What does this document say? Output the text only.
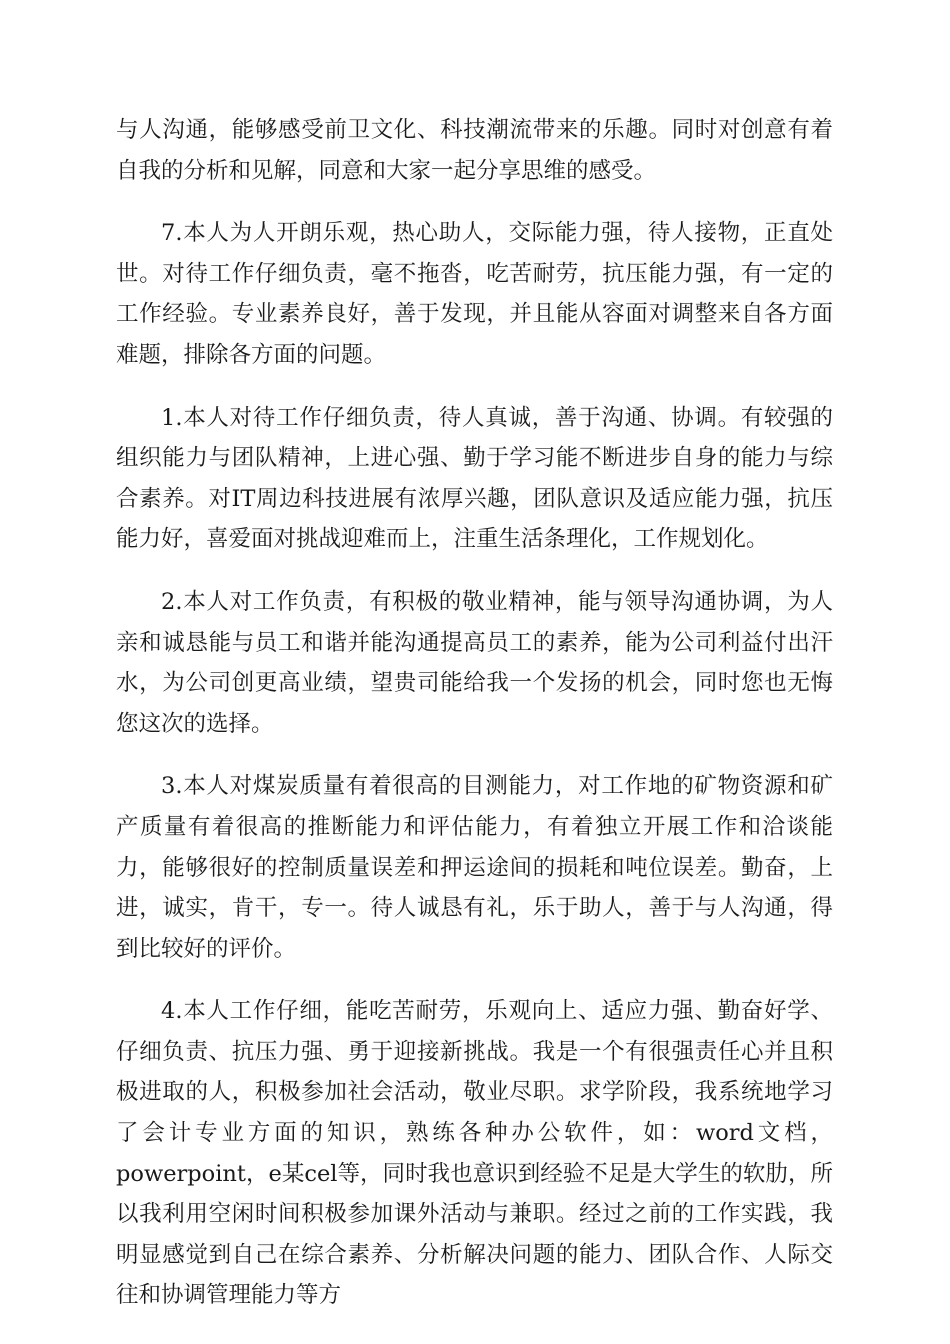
与人沟通，能够感受前卫文化、科技潮流带来的乐趣。同时对创意有着自我的分析和见解，同意和大家一起分享思维的感受。

7.本人为人开朗乐观，热心助人，交际能力强，待人接物，正直处世。对待工作仔细负责，毫不拖沓，吃苦耐劳，抗压能力强，有一定的工作经验。专业素养良好，善于发现，并且能从容面对调整来自各方面难题，排除各方面的问题。

1.本人对待工作仔细负责，待人真诚，善于沟通、协调。有较强的组织能力与团队精神，上进心强、勤于学习能不断进步自身的能力与综合素养。对IT周边科技进展有浓厚兴趣，团队意识及适应能力强，抗压能力好，喜爱面对挑战迎难而上，注重生活条理化，工作规划化。

2.本人对工作负责，有积极的敬业精神，能与领导沟通协调，为人亲和诚恳能与员工和谐并能沟通提高员工的素养，能为公司利益付出汗水，为公司创更高业绩，望贵司能给我一个发扬的机会，同时您也无悔您这次的选择。

3.本人对煤炭质量有着很高的目测能力，对工作地的矿物资源和矿产质量有着很高的推断能力和评估能力，有着独立开展工作和洽谈能力，能够很好的控制质量误差和押运途间的损耗和吨位误差。勤奋，上进，诚实，肯干，专一。待人诚恳有礼，乐于助人，善于与人沟通，得到比较好的评价。

4.本人工作仔细，能吃苦耐劳，乐观向上、适应力强、勤奋好学、仔细负责、抗压力强、勇于迎接新挑战。我是一个有很强责任心并且积极进取的人，积极参加社会活动，敬业尽职。求学阶段，我系统地学习了会计专业方面的知识，熟练各种办公软件，如：word文档，powerpoint，e某cel等，同时我也意识到经验不足是大学生的软肋，所以我利用空闲时间积极参加课外活动与兼职。经过之前的工作实践，我明显感觉到自己在综合素养、分析解决问题的能力、团队合作、人际交往和协调管理能力等方
